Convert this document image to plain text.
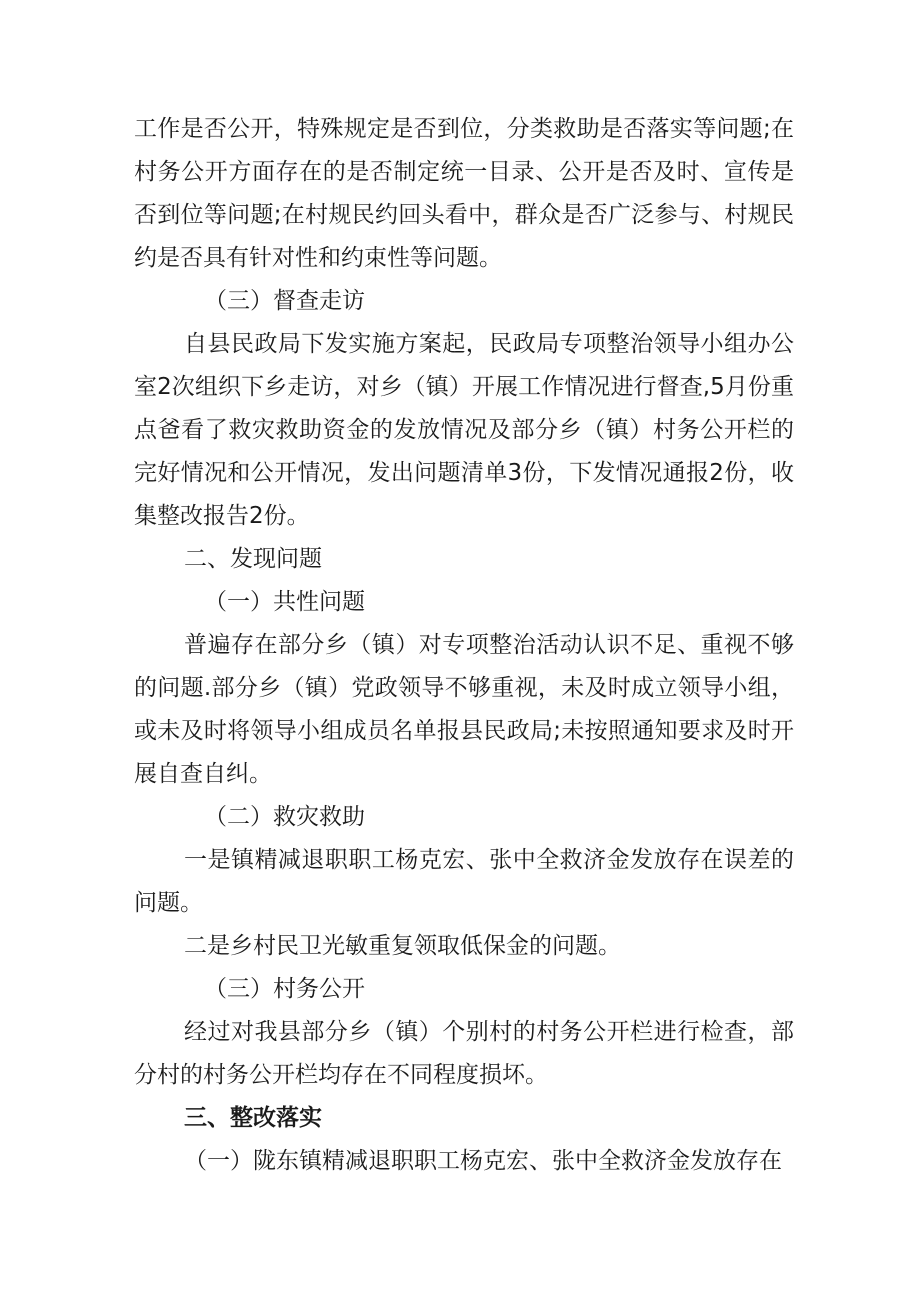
工作是否公开，特殊规定是否到位，分类救助是否落实等问题;在村务公开方面存在的是否制定统一目录、公开是否及时、宣传是否到位等问题;在村规民约回头看中，群众是否广泛参与、村规民约是否具有针对性和约束性等问题。

（三）督查走访

自县民政局下发实施方案起，民政局专项整治领导小组办公室2次组织下乡走访，对乡（镇）开展工作情况进行督查,5月份重点爸看了救灾救助资金的发放情况及部分乡（镇）村务公开栏的完好情况和公开情况，发出问题清单3份，下发情况通报2份，收集整改报告2份。

二、发现问题

（一）共性问题

普遍存在部分乡（镇）对专项整治活动认识不足、重视不够的问题.部分乡（镇）党政领导不够重视，未及时成立领导小组，或未及时将领导小组成员名单报县民政局;未按照通知要求及时开展自查自纠。

（二）救灾救助

一是镇精减退职职工杨克宏、张中全救济金发放存在误差的问题。

二是乡村民卫光敏重复领取低保金的问题。

（三）村务公开

经过对我县部分乡（镇）个别村的村务公开栏进行检查，部分村的村务公开栏均存在不同程度损坏。

三、整改落实

（一）陇东镇精减退职职工杨克宏、张中全救济金发放存在
